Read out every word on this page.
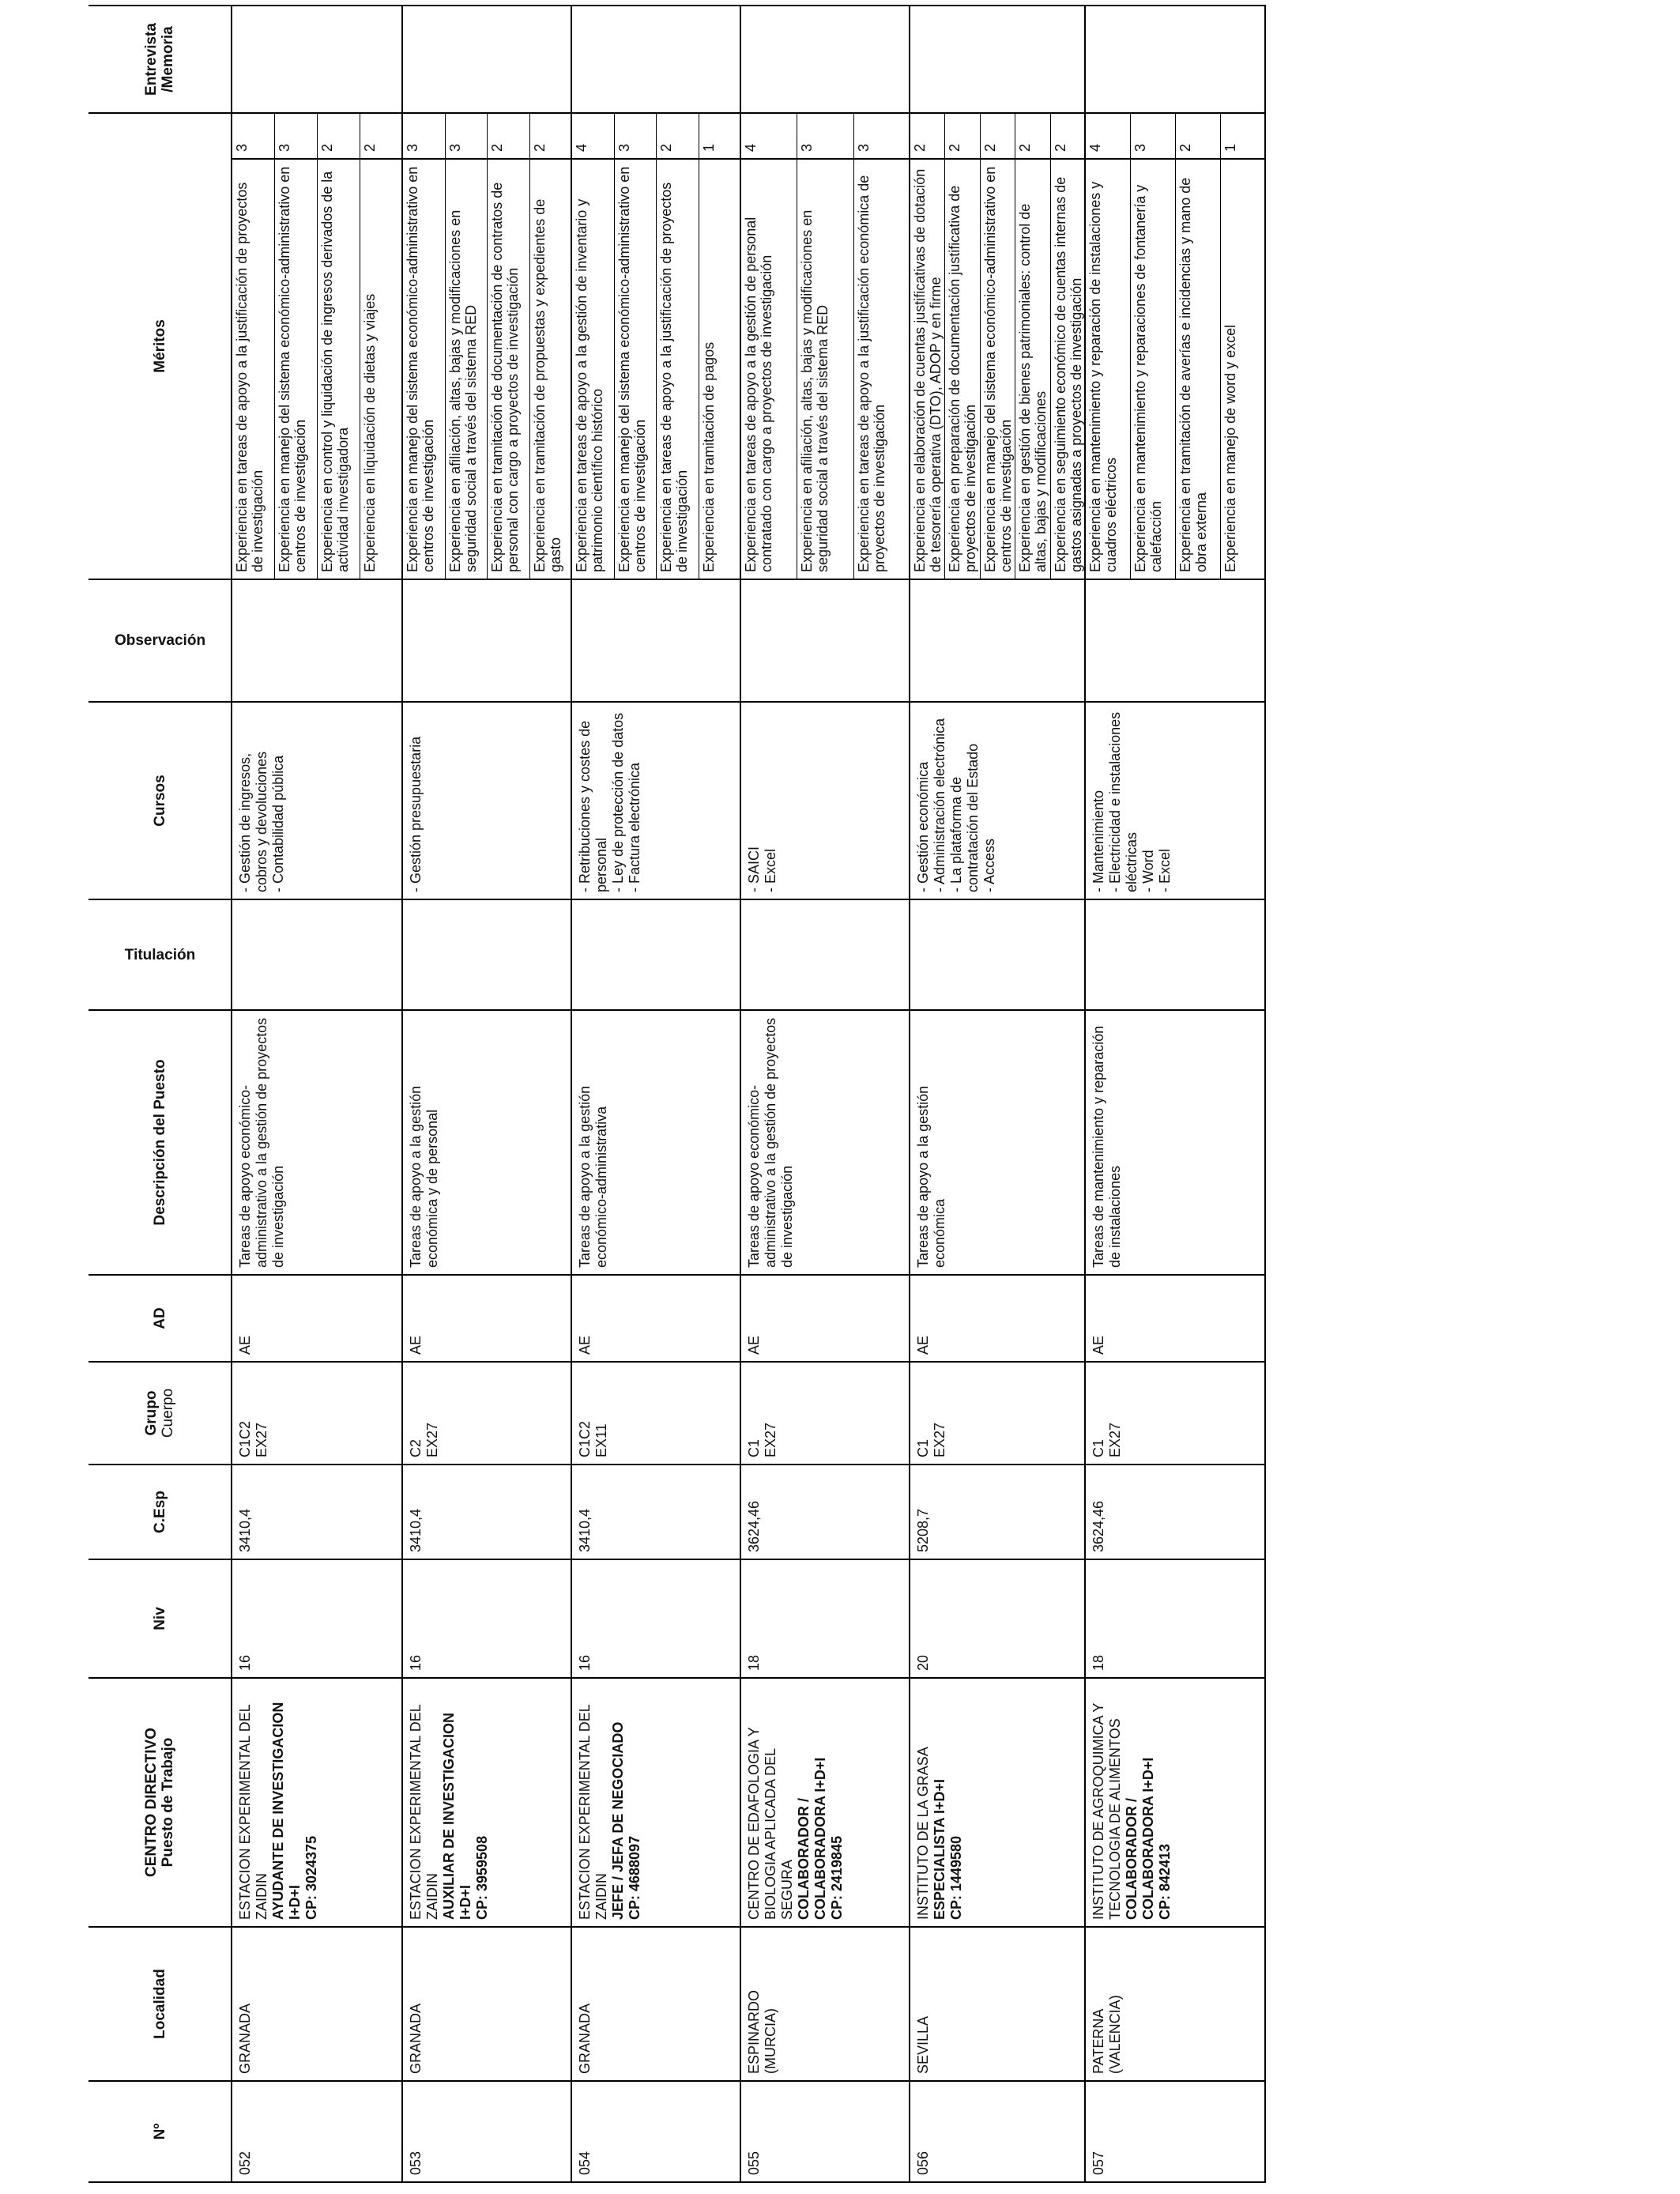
Nº
Localidad
CENTRO DIRECTIVO Puesto de Trabajo
Niv
C.Esp
Grupo Cuerpo
AD
Descripción del Puesto
Titulación
Cursos
Observación
Méritos
Entrevista /Memoria
052
GRANADA
ESTACION EXPERIMENTAL DEL ZAIDIN AYUDANTE DE INVESTIGACION I+D+I CP: 3024375
16
3410,4
C1C2 EX27
AE
Tareas de apoyo económico-administrativo a la gestión de proyectos de investigación
- Gestión de ingresos, cobros y devoluciones - Contabilidad pública
Experiencia en tareas de apoyo a la justificación de proyectos de investigación
3
Experiencia en manejo del sistema económico-administrativo en centros de investigación
3
Experiencia en control y liquidación de ingresos derivados de la actividad investigadora
2
Experiencia en liquidación de dietas y viajes
2
053
GRANADA
ESTACION EXPERIMENTAL DEL ZAIDIN AUXILIAR DE INVESTIGACION I+D+I CP: 3959508
16
3410,4
C2 EX27
AE
Tareas de apoyo a la gestión económica y de personal
- Gestión presupuestaria
Experiencia en manejo del sistema económico-administrativo en centros de investigación
3
Experiencia en afiliación, altas, bajas y modificaciones en seguridad social a través del sistema RED
3
Experiencia en tramitación de documentación de contratos de personal con cargo a proyectos de investigación
2
Experiencia en tramitación de propuestas y expedientes de gasto
2
054
GRANADA
ESTACION EXPERIMENTAL DEL ZAIDIN JEFE / JEFA DE NEGOCIADO CP: 4688097
16
3410,4
C1C2 EX11
AE
Tareas de apoyo a la gestión económico-administrativa
- Retribuciones y costes de personal - Ley de protección de datos - Factura electrónica
Experiencia en tareas de apoyo a la gestión de inventario y patrimonio científico histórico
4
Experiencia en manejo del sistema económico-administrativo en centros de investigación
3
Experiencia en tareas de apoyo a la justificación de proyectos de investigación
2
Experiencia en tramitación de pagos
1
055
ESPINARDO (MURCIA)
CENTRO DE EDAFOLOGIA Y BIOLOGIA APLICADA DEL SEGURA COLABORADOR / COLABORADORA I+D+I CP: 2419845
18
3624,46
C1 EX27
AE
Tareas de apoyo económico-administrativo a la gestión de proyectos de investigación
- SAICI - Excel
Experiencia en tareas de apoyo a la gestión de personal contratado con cargo a proyectos de investigación
4
Experiencia en afiliación, altas, bajas y modificaciones en seguridad social a través del sistema RED
3
Experiencia en tareas de apoyo a la justificación económica de proyectos de investigación
3
056
SEVILLA
INSTITUTO DE LA GRASA ESPECIALISTA I+D+I CP: 1449580
20
5208,7
C1 EX27
AE
Tareas de apoyo a la gestión económica
- Gestión económica - Administración electrónica - La plataforma de contratación del Estado - Access
Experiencia en elaboración de cuentas justificativas de dotación de tesorería operativa (DTO), ADOP y en firme
2
Experiencia en preparación de documentación justificativa de proyectos de investigación
2
Experiencia en manejo del sistema económico-administrativo en centros de investigación
2
Experiencia en gestión de bienes patrimoniales: control de altas, bajas y modificaciones
2
Experiencia en seguimiento económico de cuentas internas de gastos asignadas a proyectos de investigación
2
057
PATERNA (VALENCIA)
INSTITUTO DE AGROQUIMICA Y TECNOLOGIA DE ALIMENTOS COLABORADOR / COLABORADORA I+D+I CP: 842413
18
3624,46
C1 EX27
AE
Tareas de mantenimiento y reparación de instalaciones
- Mantenimiento - Electricidad e instalaciones eléctricas - Word - Excel
Experiencia en mantenimiento y reparación de instalaciones y cuadros eléctricos
4
Experiencia en mantenimiento y reparaciones de fontanería y calefacción
3
Experiencia en tramitación de averías e incidencias y mano de obra externa
2
Experiencia en manejo de word y excel
1
